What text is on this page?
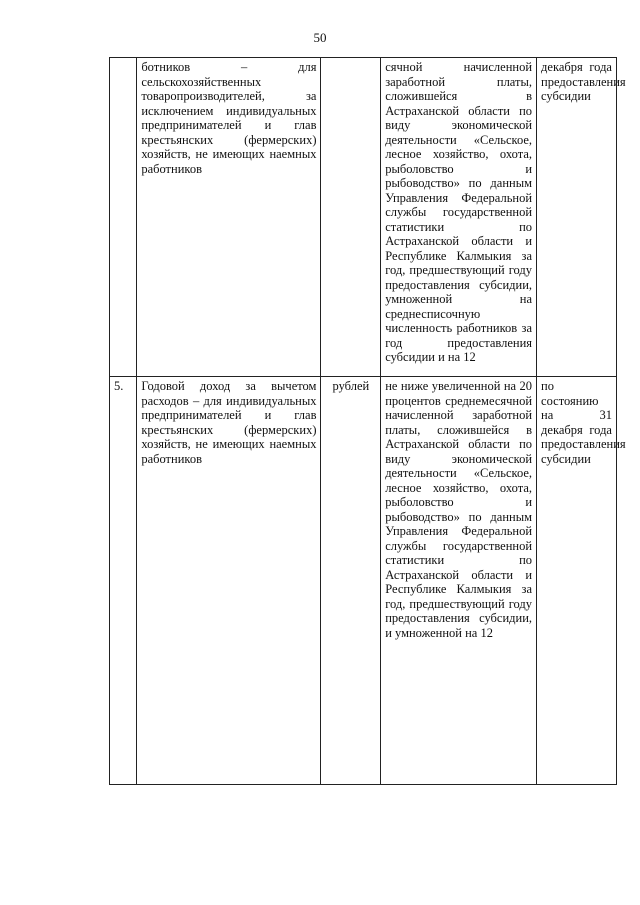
50
	ботников – для сельскохозяйственных товаропроизводителей, за исключением индивидуальных предпринимателей и глав крестьянских (фермерских) хозяйств, не имеющих наемных работников		сячной начисленной заработной платы, сложившейся в Астраханской области по виду экономической деятельности «Сельское, лесное хозяйство, охота, рыболовство и рыбоводство» по данным Управления Федеральной службы государственной статистики по Астраханской области и Республике Калмыкия за год, предшествующий году предоставления субсидии, умноженной на среднесписочную численность работников за год предоставления субсидии и на 12	декабря года предоставления субсидии
5.	Годовой доход за вычетом расходов – для индивидуальных предпринимателей и глав крестьянских (фермерских) хозяйств, не имеющих наемных работников	рублей	не ниже увеличенной на 20 процентов среднемесячной начисленной заработной платы, сложившейся в Астраханской области по виду экономической деятельности «Сельское, лесное хозяйство, охота, рыболовство и рыбоводство» по данным Управления Федеральной службы государственной статистики по Астраханской области и Республике Калмыкия за год, предшествующий году предоставления субсидии, и умноженной на 12	по состоянию на 31 декабря года предоставления субсидии
